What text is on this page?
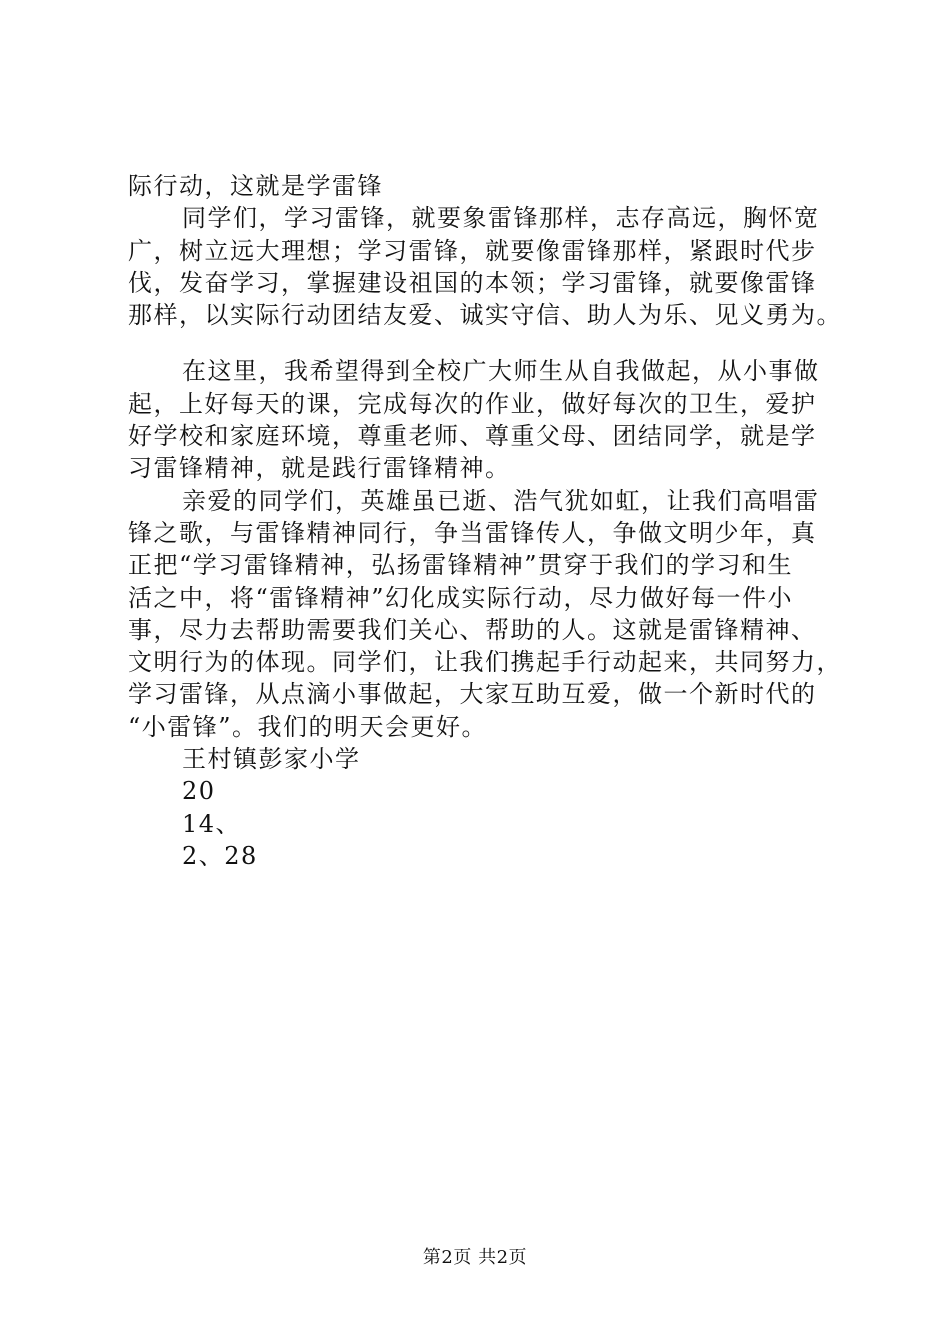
际行动，这就是学雷锋
同学们，学习雷锋，就要象雷锋那样，志存高远，胸怀宽
广，树立远大理想；学习雷锋，就要像雷锋那样，紧跟时代步
伐，发奋学习，掌握建设祖国的本领；学习雷锋，就要像雷锋
那样，以实际行动团结友爱、诚实守信、助人为乐、见义勇为。
在这里，我希望得到全校广大师生从自我做起，从小事做
起，上好每天的课，完成每次的作业，做好每次的卫生，爱护
好学校和家庭环境，尊重老师、尊重父母、团结同学，就是学
习雷锋精神，就是践行雷锋精神。
亲爱的同学们，英雄虽已逝、浩气犹如虹，让我们高唱雷
锋之歌，与雷锋精神同行，争当雷锋传人，争做文明少年，真
正把“学习雷锋精神，弘扬雷锋精神”贯穿于我们的学习和生
活之中，将“雷锋精神”幻化成实际行动，尽力做好每一件小
事，尽力去帮助需要我们关心、帮助的人。这就是雷锋精神、
文明行为的体现。同学们，让我们携起手行动起来，共同努力，
学习雷锋，从点滴小事做起，大家互助互爱，做一个新时代的
“小雷锋”。我们的明天会更好。
王村镇彭家小学
20
14、
2、28
第2页 共2页
